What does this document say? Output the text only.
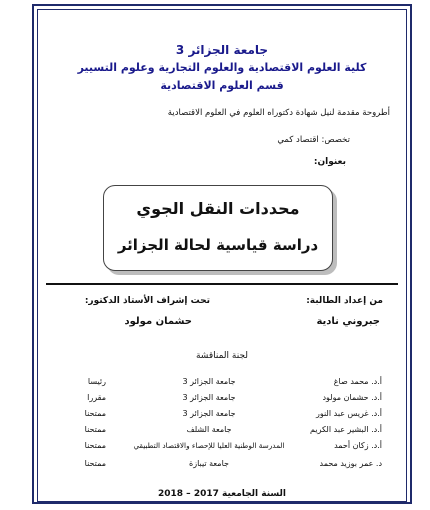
جامعة الجزائر 3
كلية العلوم الاقتصادية والعلوم التجارية وعلوم التسيير
قسم العلوم الاقتصادية
أطروحة مقدمة لنيل شهادة دكتوراه العلوم في العلوم الاقتصادية
تخصص: اقتصاد كمي
بعنوان:
محددات النقل الجوي
دراسة قياسية لحالة الجزائر
من إعداد الطالبة:
تحت إشراف الأستاذ الدكتور:
جبروني نادية
حشمان مولود
لجنة المناقشة
أ.د. محمد صاغ
جامعة الجزائر 3
رئيسا
أ.د. حشمان مولود
جامعة الجزائر 3
مقررا
أ.د. غريس عبد النور
جامعة الجزائر 3
ممتحنا
أ.د. البشير عبد الكريم
جامعة الشلف
ممتحنا
أ.د. زكان أحمد
المدرسة الوطنية العليا للإحصاء والاقتصاد التطبيقي
ممتحنا
د. عمر بوزيد محمد
جامعة تيبازة
ممتحنا
السنة الجامعية 2017 – 2018
